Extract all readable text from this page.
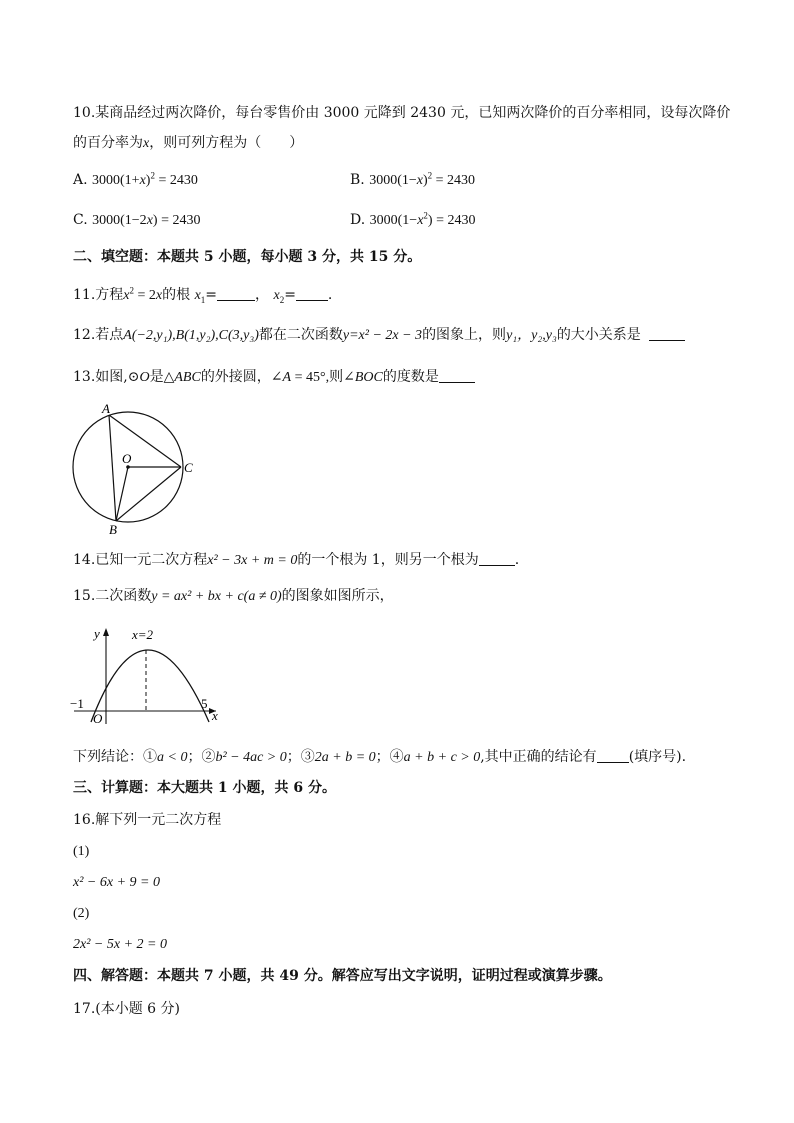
10.某商品经过两次降价，每台零售价由 3000 元降到 2430 元，已知两次降价的百分率相同，设每次降价
的百分率为x，则可列方程为（　　）
A. $3000(1+x)^2 = 2430$	B. $3000(1-x)^2 = 2430$
C. 3000(1−2x) = 2430	D. $3000(1-x^2) = 2430$
二、填空题：本题共 5 小题，每小题 3 分，共 15 分。
11.方程$x^2 = 2x$的根 $x_1=$	， $x_2=$ .
12.若点A(−2,y₁),B(1,y₂),C(3,y₃)都在二次函数y=x² − 2x − 3的图象上，则y₁，y₂,y₃的大小关系是
13.如图,⊙O是△ABC的外接圆，∠A = 45°,则∠BOC的度数是
A
O
C
B
14.已知一元二次方程x² − 3x + m = 0的一个根为 1，则另一个根为	.
15.二次函数y = ax² + bx + c(a ≠ 0)的图象如图所示，
y
x
x=2
−1
O
5
下列结论：①a < 0；②b² − 4ac > 0；③2a + b = 0；④a + b + c > 0,其中正确的结论有 (填序号).
三、计算题：本大题共 1 小题，共 6 分。
16.解下列一元二次方程
(1)
x² − 6x + 9 = 0
(2)
2x² − 5x + 2 = 0
四、解答题：本题共 7 小题，共 49 分。解答应写出文字说明，证明过程或演算步骤。
17.(本小题 6 分)
